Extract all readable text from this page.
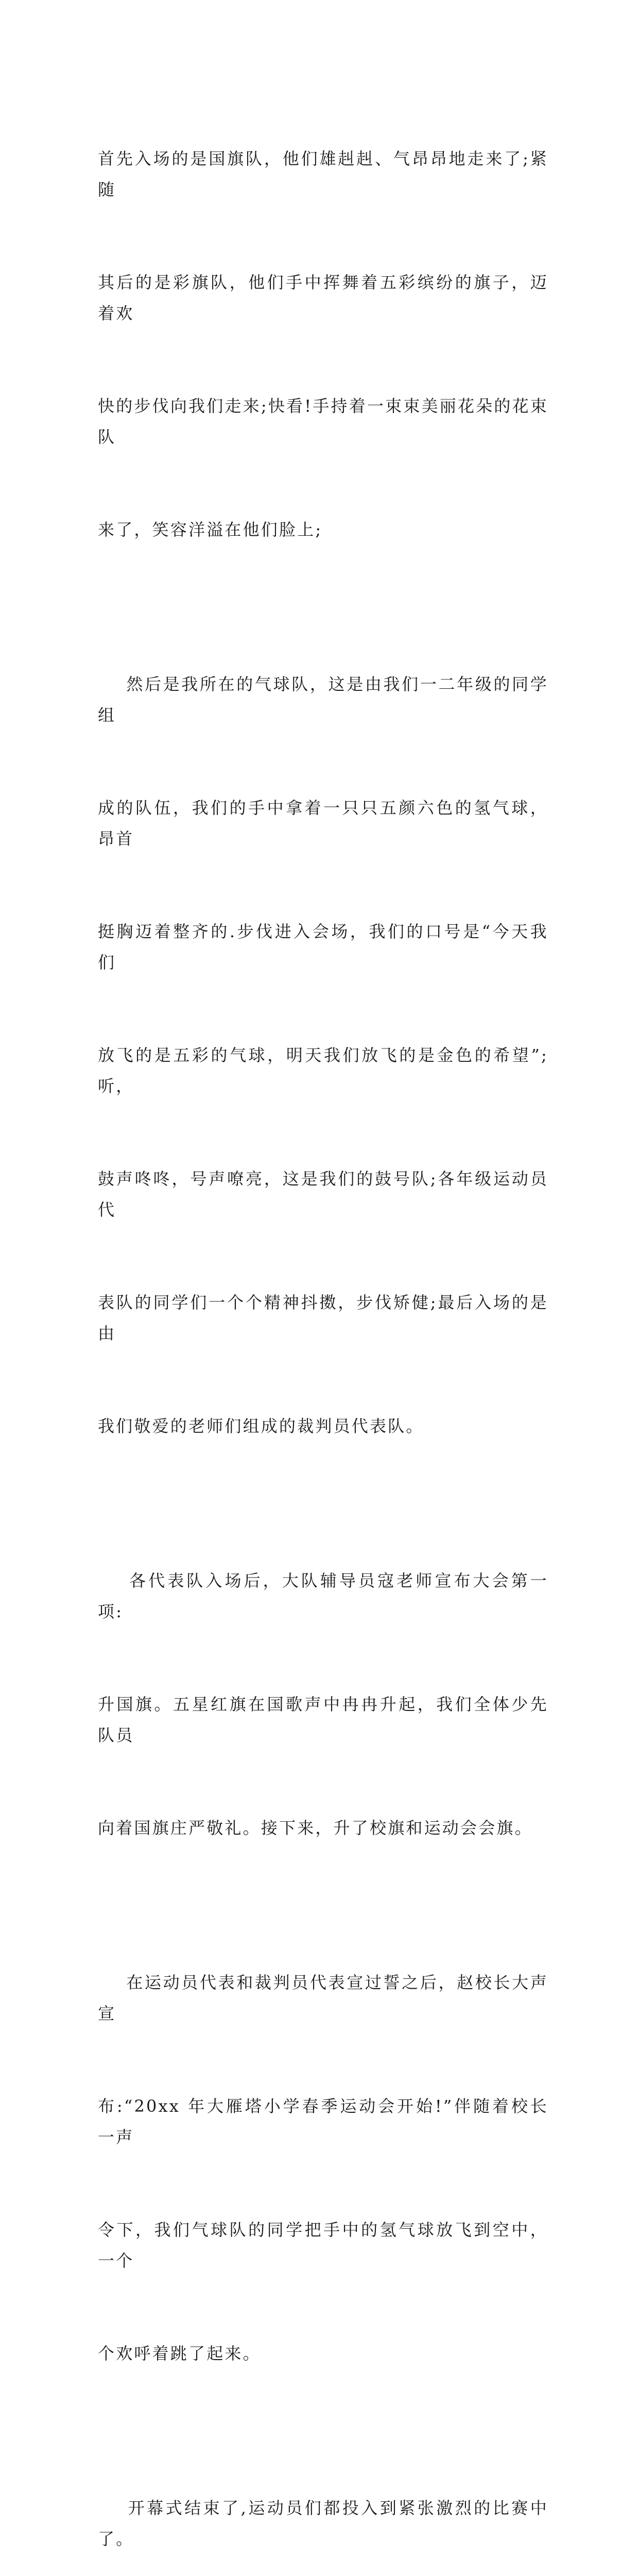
首先入场的是国旗队，他们雄赳赳、气昂昂地走来了;紧随

其后的是彩旗队，他们手中挥舞着五彩缤纷的旗子，迈着欢

快的步伐向我们走来;快看!手持着一束束美丽花朵的花束队

来了，笑容洋溢在他们脸上;

然后是我所在的气球队，这是由我们一二年级的同学组

成的队伍，我们的手中拿着一只只五颜六色的氢气球，昂首

挺胸迈着整齐的.步伐进入会场，我们的口号是“今天我们

放飞的是五彩的气球，明天我们放飞的是金色的希望”;听，

鼓声咚咚，号声嘹亮，这是我们的鼓号队;各年级运动员代

表队的同学们一个个精神抖擞，步伐矫健;最后入场的是由

我们敬爱的老师们组成的裁判员代表队。

各代表队入场后，大队辅导员寇老师宣布大会第一项:

升国旗。五星红旗在国歌声中冉冉升起，我们全体少先队员

向着国旗庄严敬礼。接下来，升了校旗和运动会会旗。

在运动员代表和裁判员代表宣过誓之后，赵校长大声宣

布:“20xx 年大雁塔小学春季运动会开始!”伴随着校长一声

令下，我们气球队的同学把手中的氢气球放飞到空中，一个

个欢呼着跳了起来。

开幕式结束了,运动员们都投入到紧张激烈的比赛中了。
